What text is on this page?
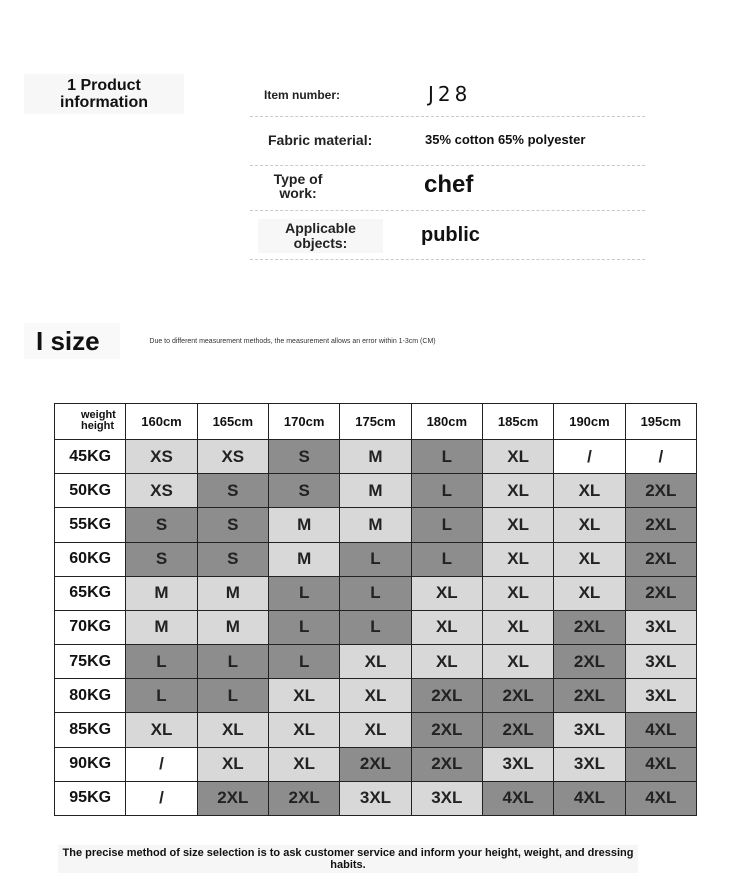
1 Product information	Item number:	J28
Fabric material:	35% cotton 65% polyester
Type of work:	chef
Applicable objects:	public
I size	Due to different measurement methods, the measurement allows an error within 1-3cm (CM)
weight
height	160cm	165cm	170cm	175cm	180cm	185cm	190cm	195cm
45KG	XS	XS	S	M	L	XL	/	/
50KG	XS	S	S	M	L	XL	XL	2XL
55KG	S	S	M	M	L	XL	XL	2XL
60KG	S	S	M	L	L	XL	XL	2XL
65KG	M	M	L	L	XL	XL	XL	2XL
70KG	M	M	L	L	XL	XL	2XL	3XL
75KG	L	L	L	XL	XL	XL	2XL	3XL
80KG	L	L	XL	XL	2XL	2XL	2XL	3XL
85KG	XL	XL	XL	XL	2XL	2XL	3XL	4XL
90KG	/	XL	XL	2XL	2XL	3XL	3XL	4XL
95KG	/	2XL	2XL	3XL	3XL	4XL	4XL	4XL
The precise method of size selection is to ask customer service and inform your height, weight, and dressing habits.
